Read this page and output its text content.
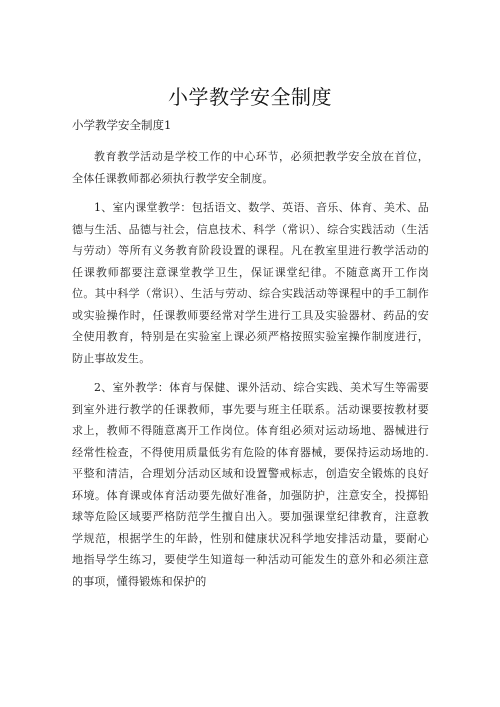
小学教学安全制度

小学教学安全制度1

教育教学活动是学校工作的中心环节，必须把教学安全放在首位，全体任课教师都必须执行教学安全制度。

1、室内课堂教学：包括语文、数学、英语、音乐、体育、美术、品德与生活、品德与社会，信息技术、科学（常识）、综合实践活动（生活与劳动）等所有义务教育阶段设置的课程。凡在教室里进行教学活动的任课教师都要注意课堂教学卫生，保证课堂纪律。不随意离开工作岗位。其中科学（常识）、生活与劳动、综合实践活动等课程中的手工制作或实验操作时，任课教师要经常对学生进行工具及实验器材、药品的安全使用教育，特别是在实验室上课必须严格按照实验室操作制度进行，防止事故发生。

2、室外教学：体育与保健、课外活动、综合实践、美术写生等需要到室外进行教学的任课教师，事先要与班主任联系。活动课要按教材要求上，教师不得随意离开工作岗位。体育组必须对运动场地、器械进行经常性检查，不得使用质量低劣有危险的体育器械，要保持运动场地的.平整和清洁，合理划分活动区域和设置警戒标志，创造安全锻炼的良好环境。体育课或体育活动要先做好准备，加强防护，注意安全，投掷铅球等危险区域要严格防范学生擅自出入。要加强课堂纪律教育，注意教学规范，根据学生的年龄，性别和健康状况科学地安排活动量，要耐心地指导学生练习，要使学生知道每一种活动可能发生的意外和必须注意的事项，懂得锻炼和保护的
